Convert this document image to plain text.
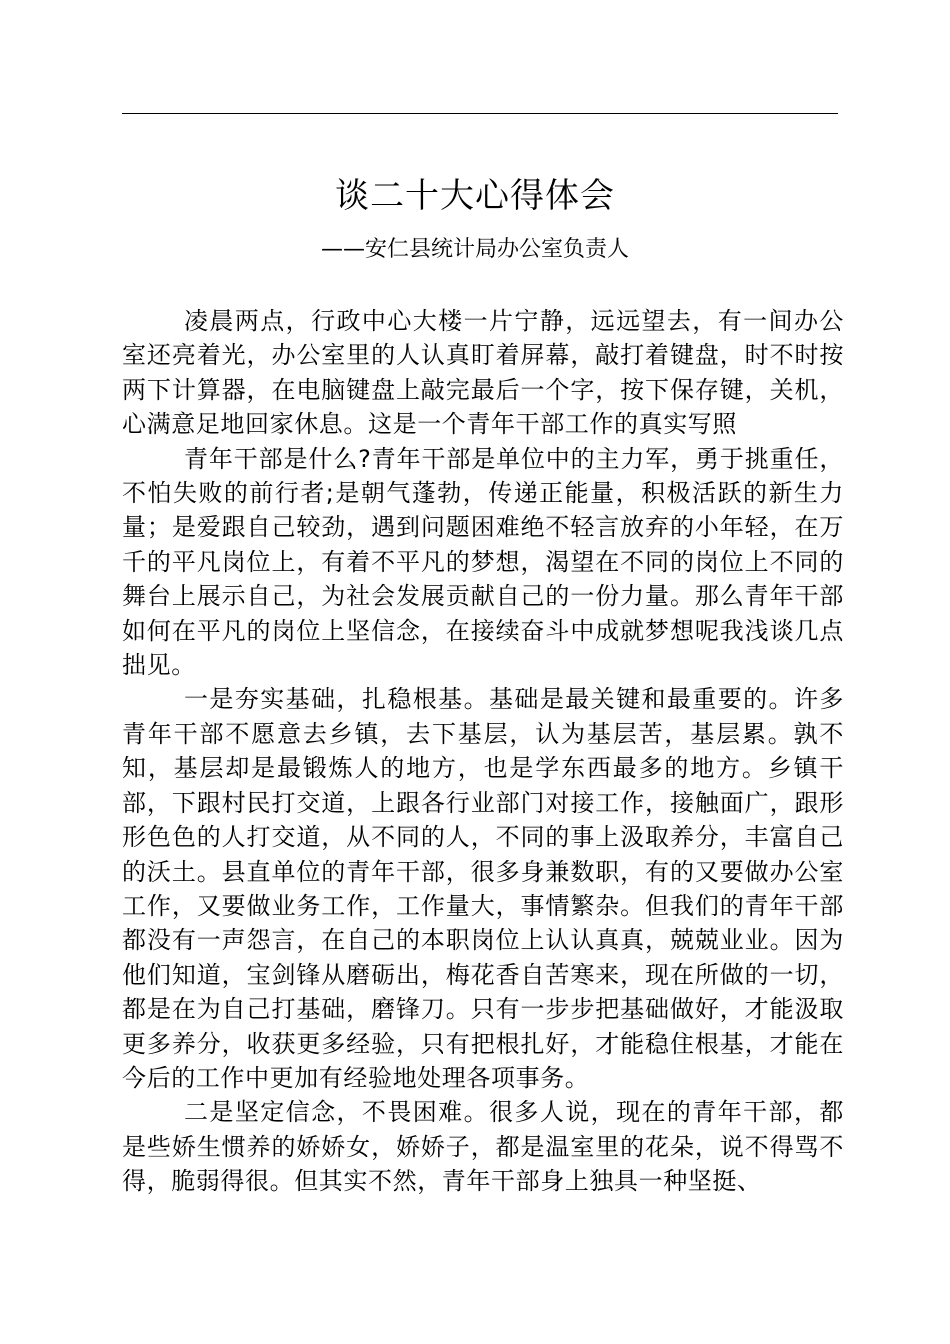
谈二十大心得体会
——安仁县统计局办公室负责人

凌晨两点，行政中心大楼一片宁静，远远望去，有一间办公室还亮着光，办公室里的人认真盯着屏幕，敲打着键盘，时不时按两下计算器，在电脑键盘上敲完最后一个字，按下保存键，关机，心满意足地回家休息。这是一个青年干部工作的真实写照

青年干部是什么?青年干部是单位中的主力军，勇于挑重任，不怕失败的前行者;是朝气蓬勃，传递正能量，积极活跃的新生力量；是爱跟自己较劲，遇到问题困难绝不轻言放弃的小年轻，在万千的平凡岗位上，有着不平凡的梦想，渴望在不同的岗位上不同的舞台上展示自己，为社会发展贡献自己的一份力量。那么青年干部如何在平凡的岗位上坚信念，在接续奋斗中成就梦想呢我浅谈几点拙见。

一是夯实基础，扎稳根基。基础是最关键和最重要的。许多青年干部不愿意去乡镇，去下基层，认为基层苦，基层累。孰不知，基层却是最锻炼人的地方，也是学东西最多的地方。乡镇干部，下跟村民打交道，上跟各行业部门对接工作，接触面广，跟形形色色的人打交道，从不同的人，不同的事上汲取养分，丰富自己的沃土。县直单位的青年干部，很多身兼数职，有的又要做办公室工作，又要做业务工作，工作量大，事情繁杂。但我们的青年干部都没有一声怨言，在自己的本职岗位上认认真真，兢兢业业。因为他们知道，宝剑锋从磨砺出，梅花香自苦寒来，现在所做的一切，都是在为自己打基础，磨锋刀。只有一步步把基础做好，才能汲取更多养分，收获更多经验，只有把根扎好，才能稳住根基，才能在今后的工作中更加有经验地处理各项事务。

二是坚定信念，不畏困难。很多人说，现在的青年干部，都是些娇生惯养的娇娇女，娇娇子，都是温室里的花朵，说不得骂不得，脆弱得很。但其实不然，青年干部身上独具一种坚挺、
